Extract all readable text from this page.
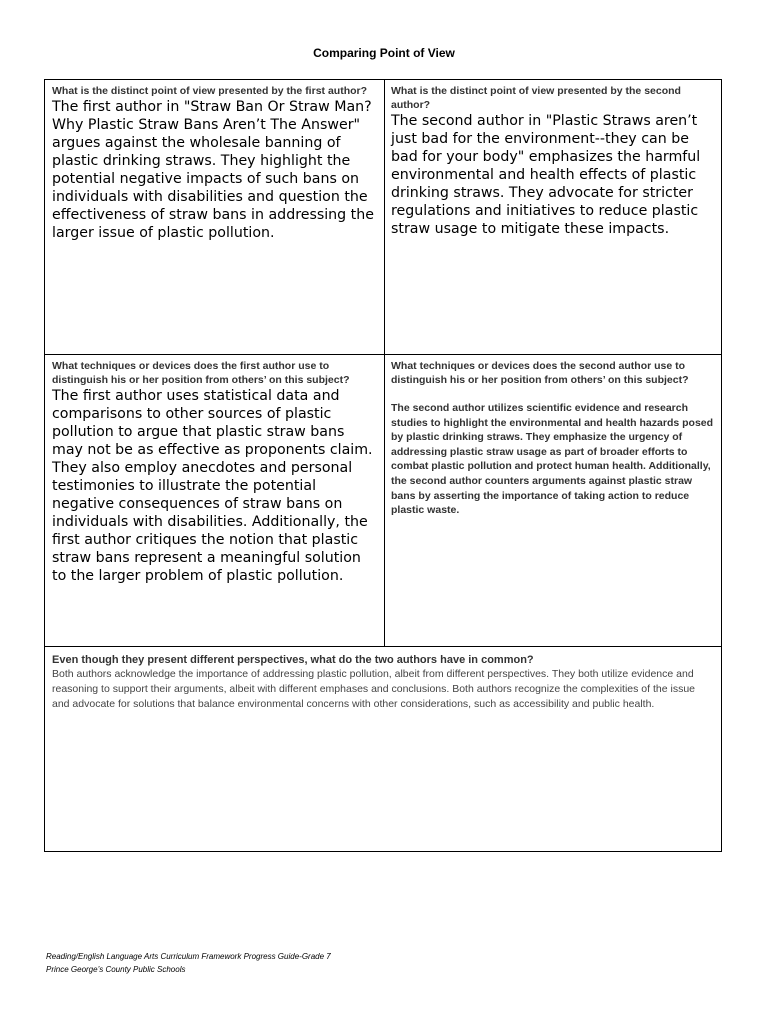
Comparing Point of View
What is the distinct point of view presented by the first author?
The first author in "Straw Ban Or Straw Man? Why Plastic Straw Bans Aren’t The Answer" argues against the wholesale banning of plastic drinking straws. They highlight the potential negative impacts of such bans on individuals with disabilities and question the effectiveness of straw bans in addressing the larger issue of plastic pollution.
What is the distinct point of view presented by the second author?
The second author in "Plastic Straws aren’t just bad for the environment--they can be bad for your body" emphasizes the harmful environmental and health effects of plastic drinking straws. They advocate for stricter regulations and initiatives to reduce plastic straw usage to mitigate these impacts.
What techniques or devices does the first author use to distinguish his or her position from others’ on this subject?
The first author uses statistical data and comparisons to other sources of plastic pollution to argue that plastic straw bans may not be as effective as proponents claim. They also employ anecdotes and personal testimonies to illustrate the potential negative consequences of straw bans on individuals with disabilities. Additionally, the first author critiques the notion that plastic straw bans represent a meaningful solution to the larger problem of plastic pollution.
What techniques or devices does the second author use to distinguish his or her position from others’ on this subject?
The second author utilizes scientific evidence and research studies to highlight the environmental and health hazards posed by plastic drinking straws. They emphasize the urgency of addressing plastic straw usage as part of broader efforts to combat plastic pollution and protect human health. Additionally, the second author counters arguments against plastic straw bans by asserting the importance of taking action to reduce plastic waste.
Even though they present different perspectives, what do the two authors have in common?
Both authors acknowledge the importance of addressing plastic pollution, albeit from different perspectives. They both utilize evidence and reasoning to support their arguments, albeit with different emphases and conclusions. Both authors recognize the complexities of the issue and advocate for solutions that balance environmental concerns with other considerations, such as accessibility and public health.
Reading/English Language Arts Curriculum Framework Progress Guide-Grade 7
Prince George’s County Public Schools
